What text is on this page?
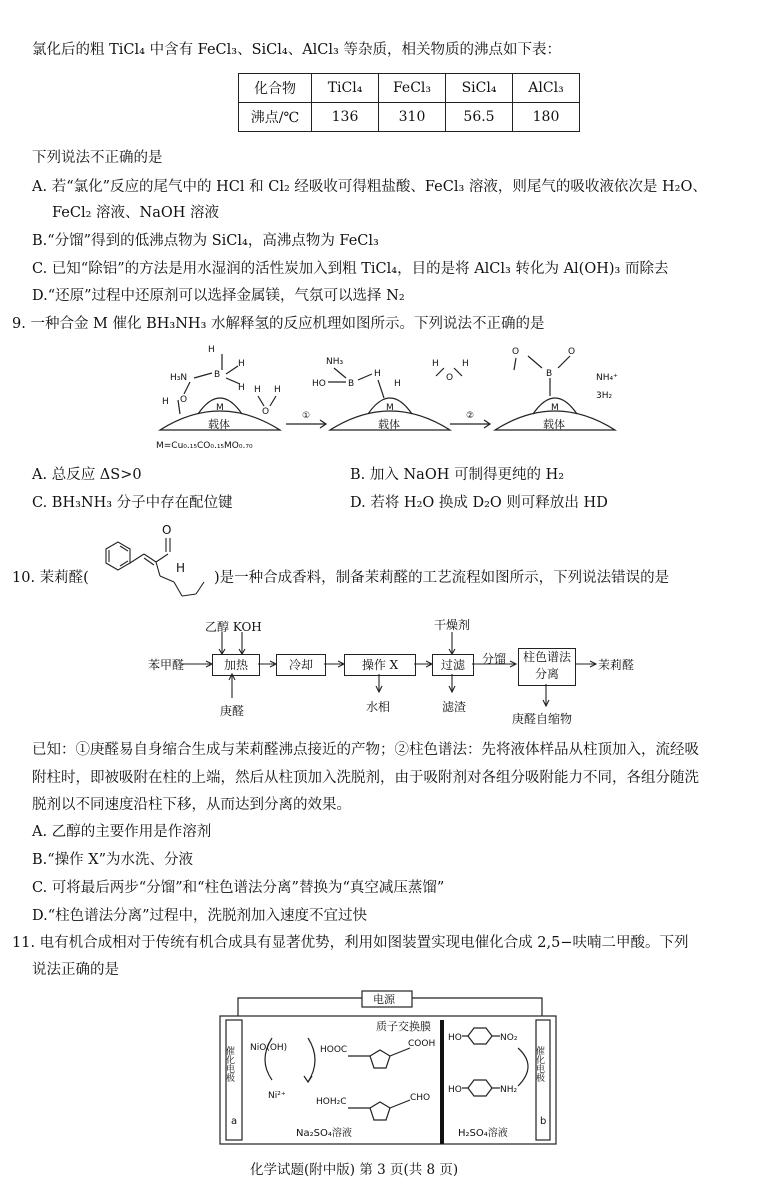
氯化后的粗 TiCl₄ 中含有 FeCl₃、SiCl₄、AlCl₃ 等杂质，相关物质的沸点如下表：
化合物	TiCl₄	FeCl₃	SiCl₄	AlCl₃
沸点/℃	136	310	56.5	180
下列说法不正确的是
A. 若“氯化”反应的尾气中的 HCl 和 Cl₂ 经吸收可得粗盐酸、FeCl₃ 溶液，则尾气的吸收液依次是 H₂O、
FeCl₂ 溶液、NaOH 溶液
B.“分馏”得到的低沸点物为 SiCl₄，高沸点物为 FeCl₃
C. 已知“除铝”的方法是用水湿润的活性炭加入到粗 TiCl₄，目的是将 AlCl₃ 转化为 Al(OH)₃ 而除去
D.“还原”过程中还原剂可以选择金属镁，气氛可以选择 N₂
9. 一种合金 M 催化 BH₃NH₃ 水解释氢的反应机理如图所示。下列说法不正确的是
H
H₃N	B
H
H
O
H
H H
O
NH₃
HO B
H
H
H
O
H
O
B
O
NH₄⁺
3H₂
M	M	M
①	②
载体	载体	载体
M=Cu₀.₁₅CO₀.₁₅MO₀.₇₀
A. 总反应 ΔS>0	B. 加入 NaOH 可制得更纯的 H₂
C. BH₃NH₃ 分子中存在配位键	D. 若将 H₂O 换成 D₂O 则可释放出 HD
10. 茉莉醛(
O
H
)是一种合成香料，制备茉莉醛的工艺流程如图所示，下列说法错误的是
乙醇 KOH
苯甲醛	加热
庚醛
冷却	操作 X
水相
干燥剂
过滤
滤渣
分馏	柱色谱法分离
茉莉醛
庚醛自缩物
已知：①庚醛易自身缩合生成与茉莉醛沸点接近的产物；②柱色谱法：先将液体样品从柱顶加入，流经吸
附柱时，即被吸附在柱的上端，然后从柱顶加入洗脱剂，由于吸附剂对各组分吸附能力不同，各组分随洗
脱剂以不同速度沿柱下移，从而达到分离的效果。
A. 乙醇的主要作用是作溶剂
B.“操作 X”为水洗、分液
C. 可将最后两步“分馏”和“柱色谱法分离”替换为“真空减压蒸馏”
D.“柱色谱法分离”过程中，洗脱剂加入速度不宜过快
11. 电有机合成相对于传统有机合成具有显著优势，利用如图装置实现电催化合成 2,5−呋喃二甲酸。下列
说法正确的是
电源
质子交换膜
催化电极
a
催化电极
b
NiO(OH)
Ni²⁺
HOOC
COOH
HOH₂C	CHO
HO	NO₂
HO	NH₂
Na₂SO₄溶液	H₂SO₄溶液
化学试题(附中版) 第 3 页(共 8 页)
